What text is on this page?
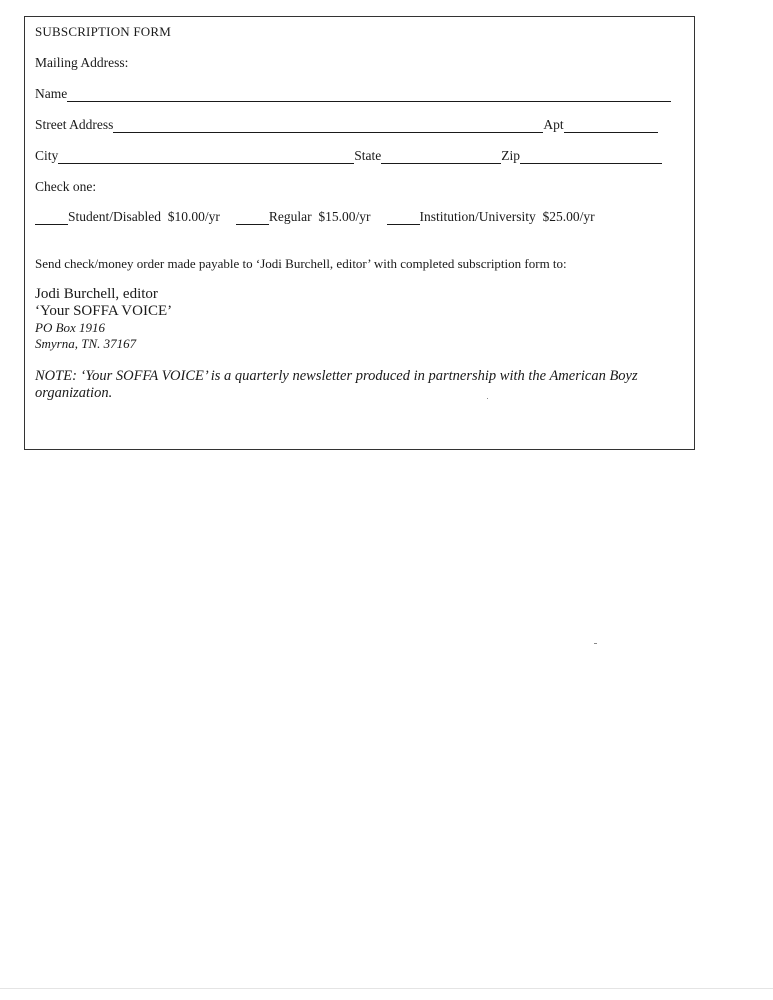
SUBSCRIPTION FORM
Mailing Address:
Name
Street Address	Apt
City	State	Zip
Check one:
Student/Disabled
$10.00/yr	Regular
$15.00/yr	Institution/University
$25.00/yr
Send check/money order made payable to ‘Jodi Burchell, editor’ with completed subscription form to:
Jodi Burchell, editor
‘Your SOFFA VOICE’
PO Box 1916
Smyrna, TN. 37167
NOTE: ‘Your SOFFA VOICE’ is a quarterly newsletter produced in partnership with the American Boyz organization.
